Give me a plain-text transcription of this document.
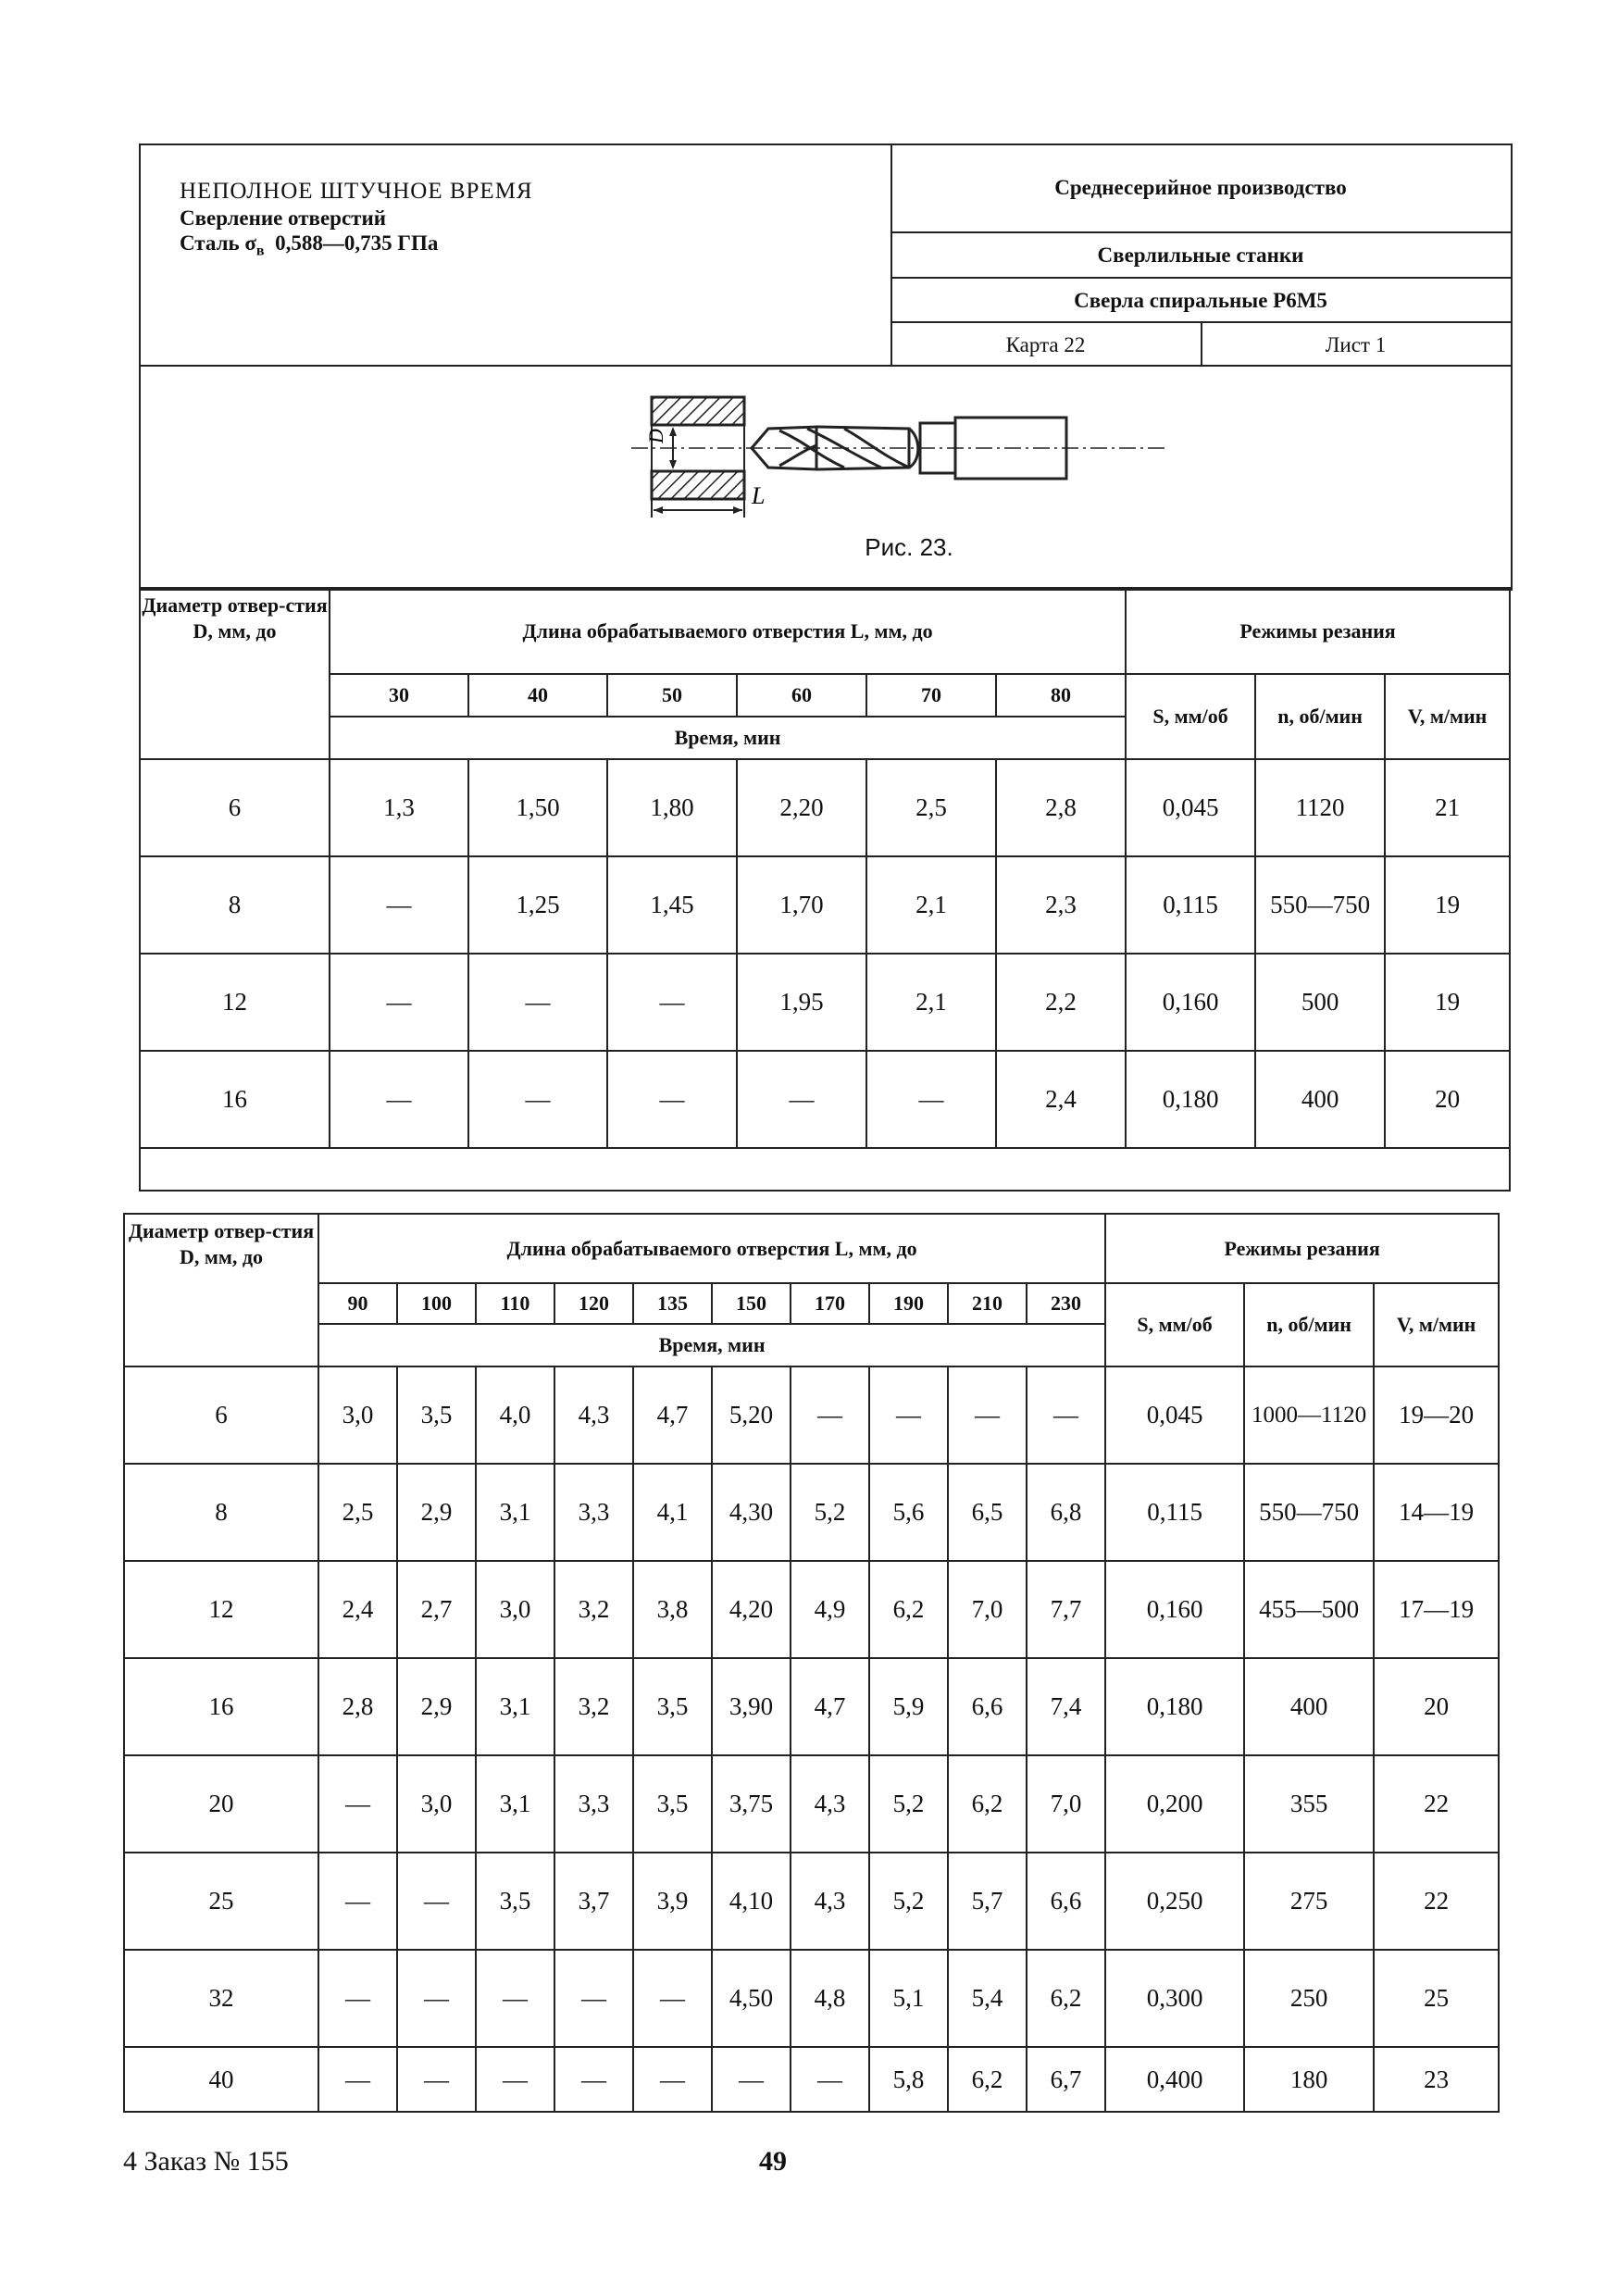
НЕПОЛНОЕ ШТУЧНОЕ ВРЕМЯ
Сверление отверстий
Сталь $\sigma_в$ 0,588—0,735 ГПа
Среднесерийное производство
Сверлильные станки
Сверла спиральные Р6М5
Карта 22	Лист 1
D
L
Рис. 23.
Диаметр отвер-стия D, мм, до	Длина обрабатываемого отверстия L, мм, до						Режимы резания		
	30	40	50	60	70	80	S, мм/об	n, об/мин	V, м/мин
	Время, мин								
6	1,3	1,50	1,80	2,20	2,5	2,8	0,045	1120	21
8	—	1,25	1,45	1,70	2,1	2,3	0,115	550—750	19
12	—	—	—	1,95	2,1	2,2	0,160	500	19
16	—	—	—	—	—	2,4	0,180	400	20

Диаметр отвер-стия D, мм, до	Длина обрабатываемого отверстия L, мм, до										Режимы резания		
	90	100	110	120	135	150	170	190	210	230	S, мм/об	n, об/мин	V, м/мин
	Время, мин												
6	3,0	3,5	4,0	4,3	4,7	5,20	—	—	—	—	0,045	1000—1120	19—20
8	2,5	2,9	3,1	3,3	4,1	4,30	5,2	5,6	6,5	6,8	0,115	550—750	14—19
12	2,4	2,7	3,0	3,2	3,8	4,20	4,9	6,2	7,0	7,7	0,160	455—500	17—19
16	2,8	2,9	3,1	3,2	3,5	3,90	4,7	5,9	6,6	7,4	0,180	400	20
20	—	3,0	3,1	3,3	3,5	3,75	4,3	5,2	6,2	7,0	0,200	355	22
25	—	—	3,5	3,7	3,9	4,10	4,3	5,2	5,7	6,6	0,250	275	22
32	—	—	—	—	—	4,50	4,8	5,1	5,4	6,2	0,300	250	25
40	—	—	—	—	—	—	—	5,8	6,2	6,7	0,400	180	23
4 Заказ № 155	49
